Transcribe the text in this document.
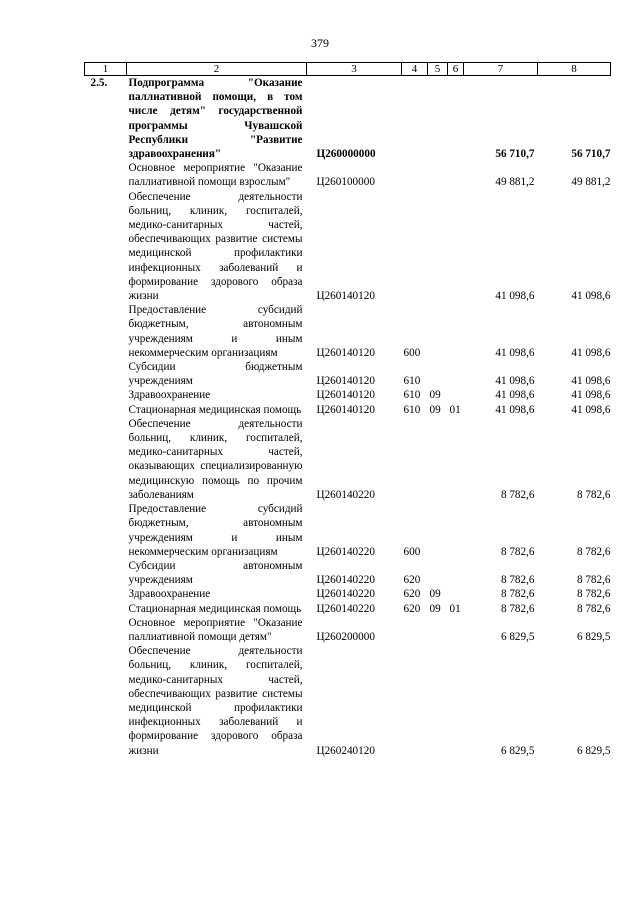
379
1	2	3	4	5	6	7	8
2.5.	Подпрограмма "Оказание паллиативной помощи, в том числе детям" государственной программы Чувашской Республики "Развитие здравоохранения"	Ц260000000				56 710,7	56 710,7
	Основное мероприятие "Оказание паллиативной помощи взрослым"	Ц260100000				49 881,2	49 881,2
	Обеспечение деятельности больниц, клиник, госпиталей, медико-санитарных частей, обеспечивающих развитие системы медицинской профилактики инфекционных заболеваний и формирование здорового образа жизни	Ц260140120				41 098,6	41 098,6
	Предоставление субсидий бюджетным, автономным учреждениям и иным некоммерческим организациям	Ц260140120	600			41 098,6	41 098,6
	Субсидии бюджетным учреждениям	Ц260140120	610			41 098,6	41 098,6
	Здравоохранение	Ц260140120	610	09		41 098,6	41 098,6
	Стационарная медицинская помощь	Ц260140120	610	09	01	41 098,6	41 098,6
	Обеспечение деятельности больниц, клиник, госпиталей, медико-санитарных частей, оказывающих специализированную медицинскую помощь по прочим заболеваниям	Ц260140220				8 782,6	8 782,6
	Предоставление субсидий бюджетным, автономным учреждениям и иным некоммерческим организациям	Ц260140220	600			8 782,6	8 782,6
	Субсидии автономным учреждениям	Ц260140220	620			8 782,6	8 782,6
	Здравоохранение	Ц260140220	620	09		8 782,6	8 782,6
	Стационарная медицинская помощь	Ц260140220	620	09	01	8 782,6	8 782,6
	Основное мероприятие "Оказание паллиативной помощи детям"	Ц260200000				6 829,5	6 829,5
	Обеспечение деятельности больниц, клиник, госпиталей, медико-санитарных частей, обеспечивающих развитие системы медицинской профилактики инфекционных заболеваний и формирование здорового образа жизни	Ц260240120				6 829,5	6 829,5
